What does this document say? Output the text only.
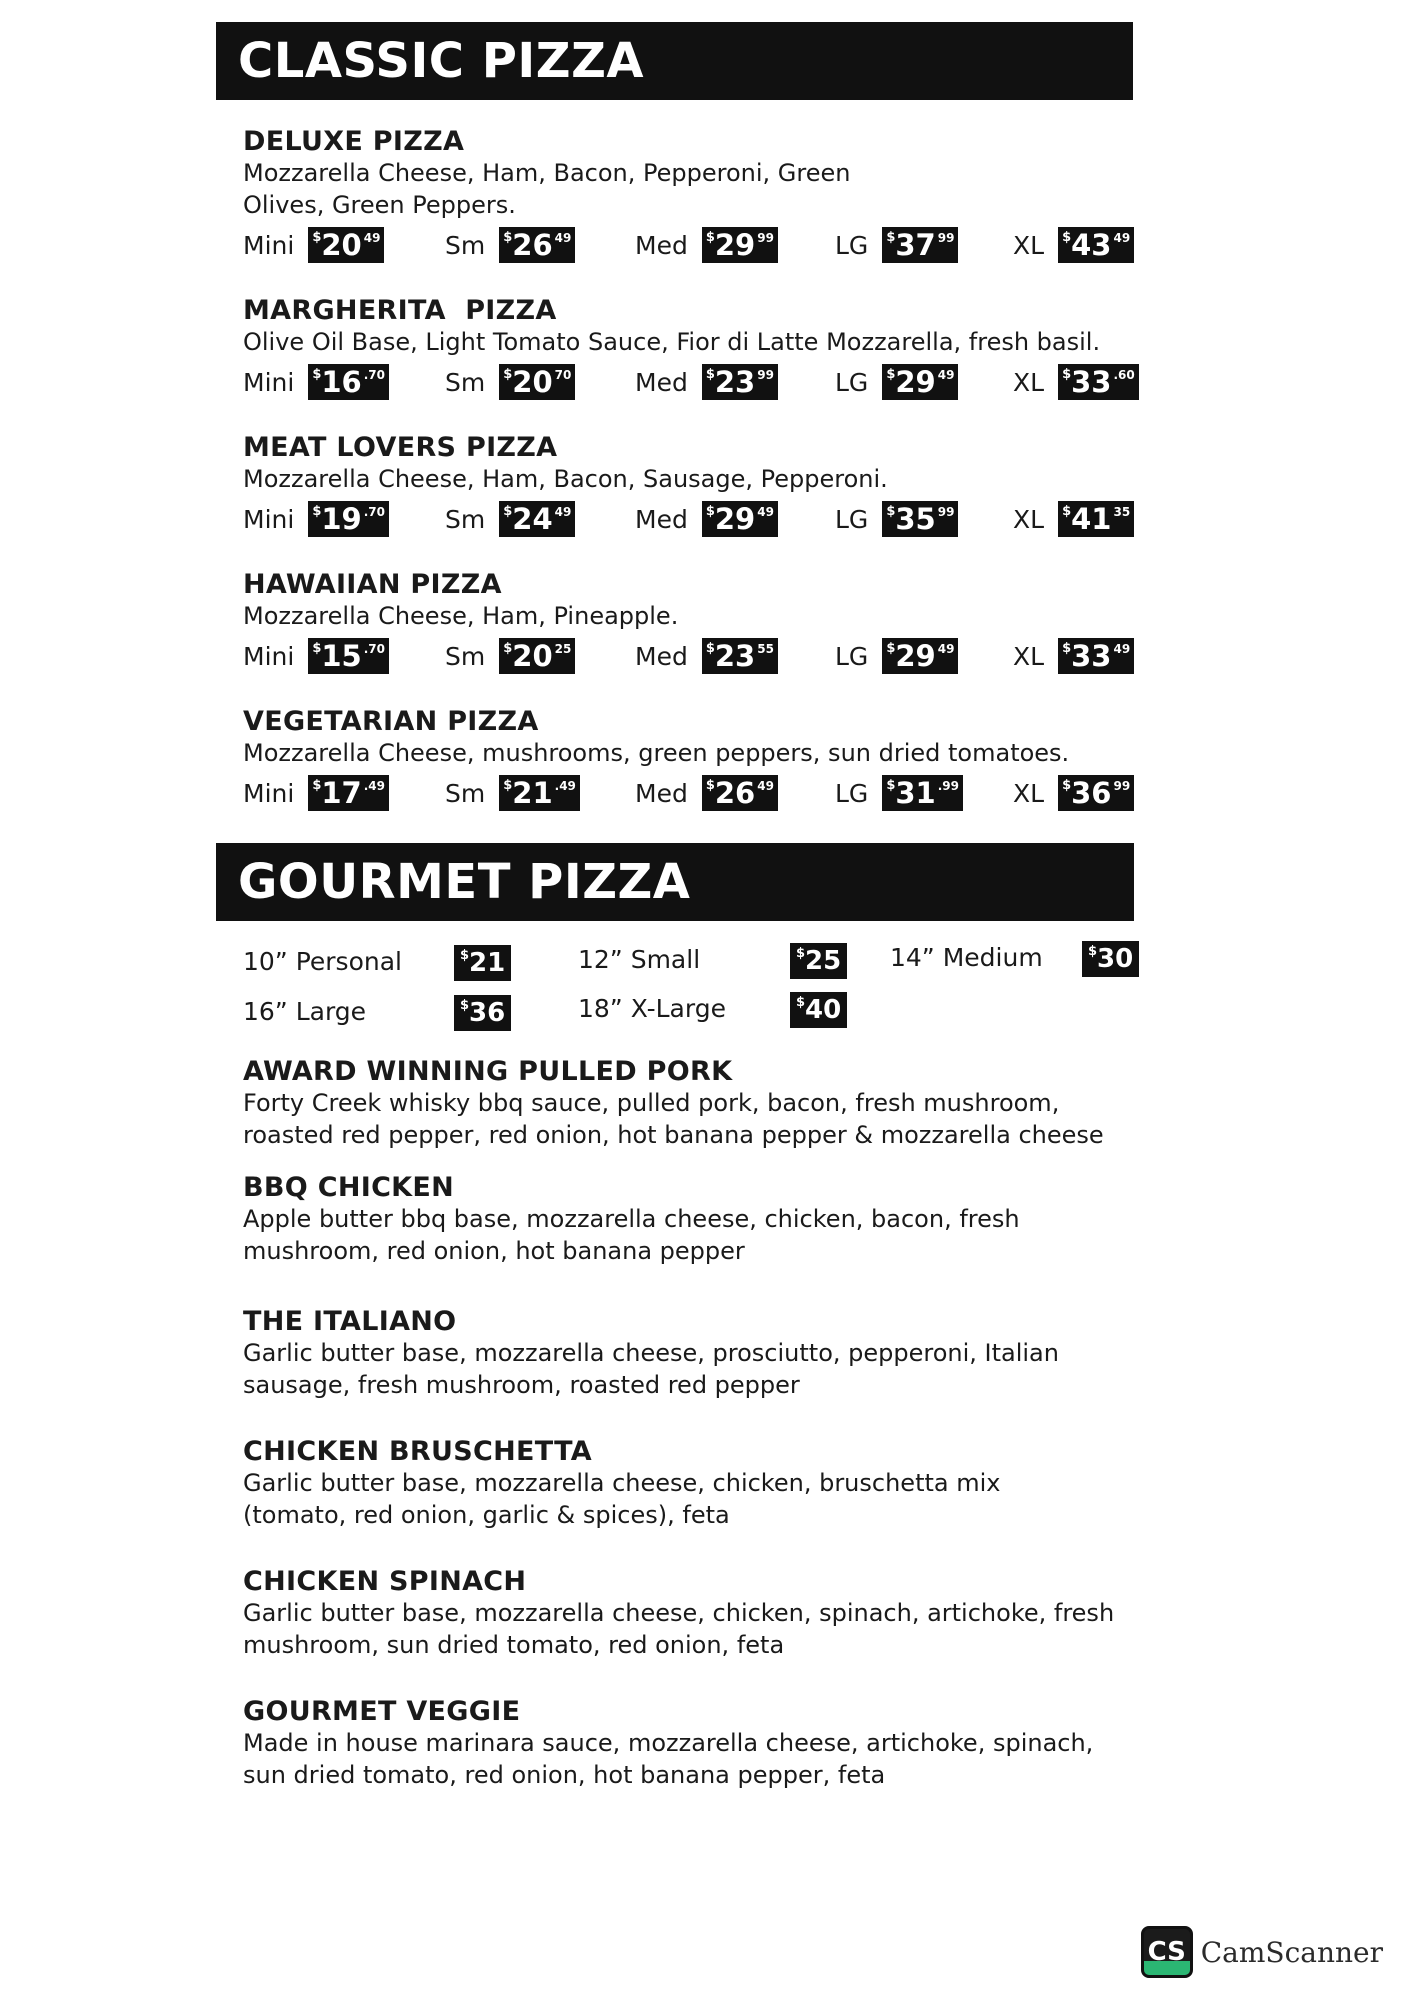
CLASSIC PIZZA
DELUXE PIZZA
Mozzarella Cheese, Ham, Bacon, Pepperoni, Green Olives, Green Peppers.
Mini $ 20 49	Sm $ 26 49	Med $ 29 99 LG $ 37 99 XL $ 43 49
MARGHERITA  PIZZA
Olive Oil Base, Light Tomato Sauce, Fior di Latte Mozzarella, fresh basil.
Mini $ 16 .70 Sm $ 20 70	Med $ 23 99 LG $ 29 49 XL $ 33 .60
MEAT LOVERS PIZZA
Mozzarella Cheese, Ham, Bacon, Sausage, Pepperoni.
Mini $ 19 .70 Sm $ 24 49	Med $ 29 49 LG $ 35 99 XL $ 41 35
HAWAIIAN PIZZA
Mozzarella Cheese, Ham, Pineapple.
Mini $ 15 .70 Sm $ 20 25	Med $ 23 55 LG $ 29 49 XL $ 33 49
VEGETARIAN PIZZA
Mozzarella Cheese, mushrooms, green peppers, sun dried tomatoes.
Mini $ 17 .49 Sm $ 21 .49 Med $ 26 49 LG $ 31 .99 XL $ 36 99
GOURMET PIZZA
10” Personal	$ 21	12” Small	$ 25 14” Medium	$ 30
16” Large	$ 36	18” X-Large	$ 40
AWARD WINNING PULLED PORK
Forty Creek whisky bbq sauce, pulled pork, bacon, fresh mushroom, roasted red pepper, red onion, hot banana pepper & mozzarella cheese
BBQ CHICKEN
Apple butter bbq base, mozzarella cheese, chicken, bacon, fresh mushroom, red onion, hot banana pepper
THE ITALIANO
Garlic butter base, mozzarella cheese, prosciutto, pepperoni, Italian sausage, fresh mushroom, roasted red pepper
CHICKEN BRUSCHETTA
Garlic butter base, mozzarella cheese, chicken, bruschetta mix (tomato, red onion, garlic & spices), feta
CHICKEN SPINACH
Garlic butter base, mozzarella cheese, chicken, spinach, artichoke, fresh mushroom, sun dried tomato, red onion, feta
GOURMET VEGGIE
Made in house marinara sauce, mozzarella cheese, artichoke, spinach, sun dried tomato, red onion, hot banana pepper, feta
CS CamScanner
